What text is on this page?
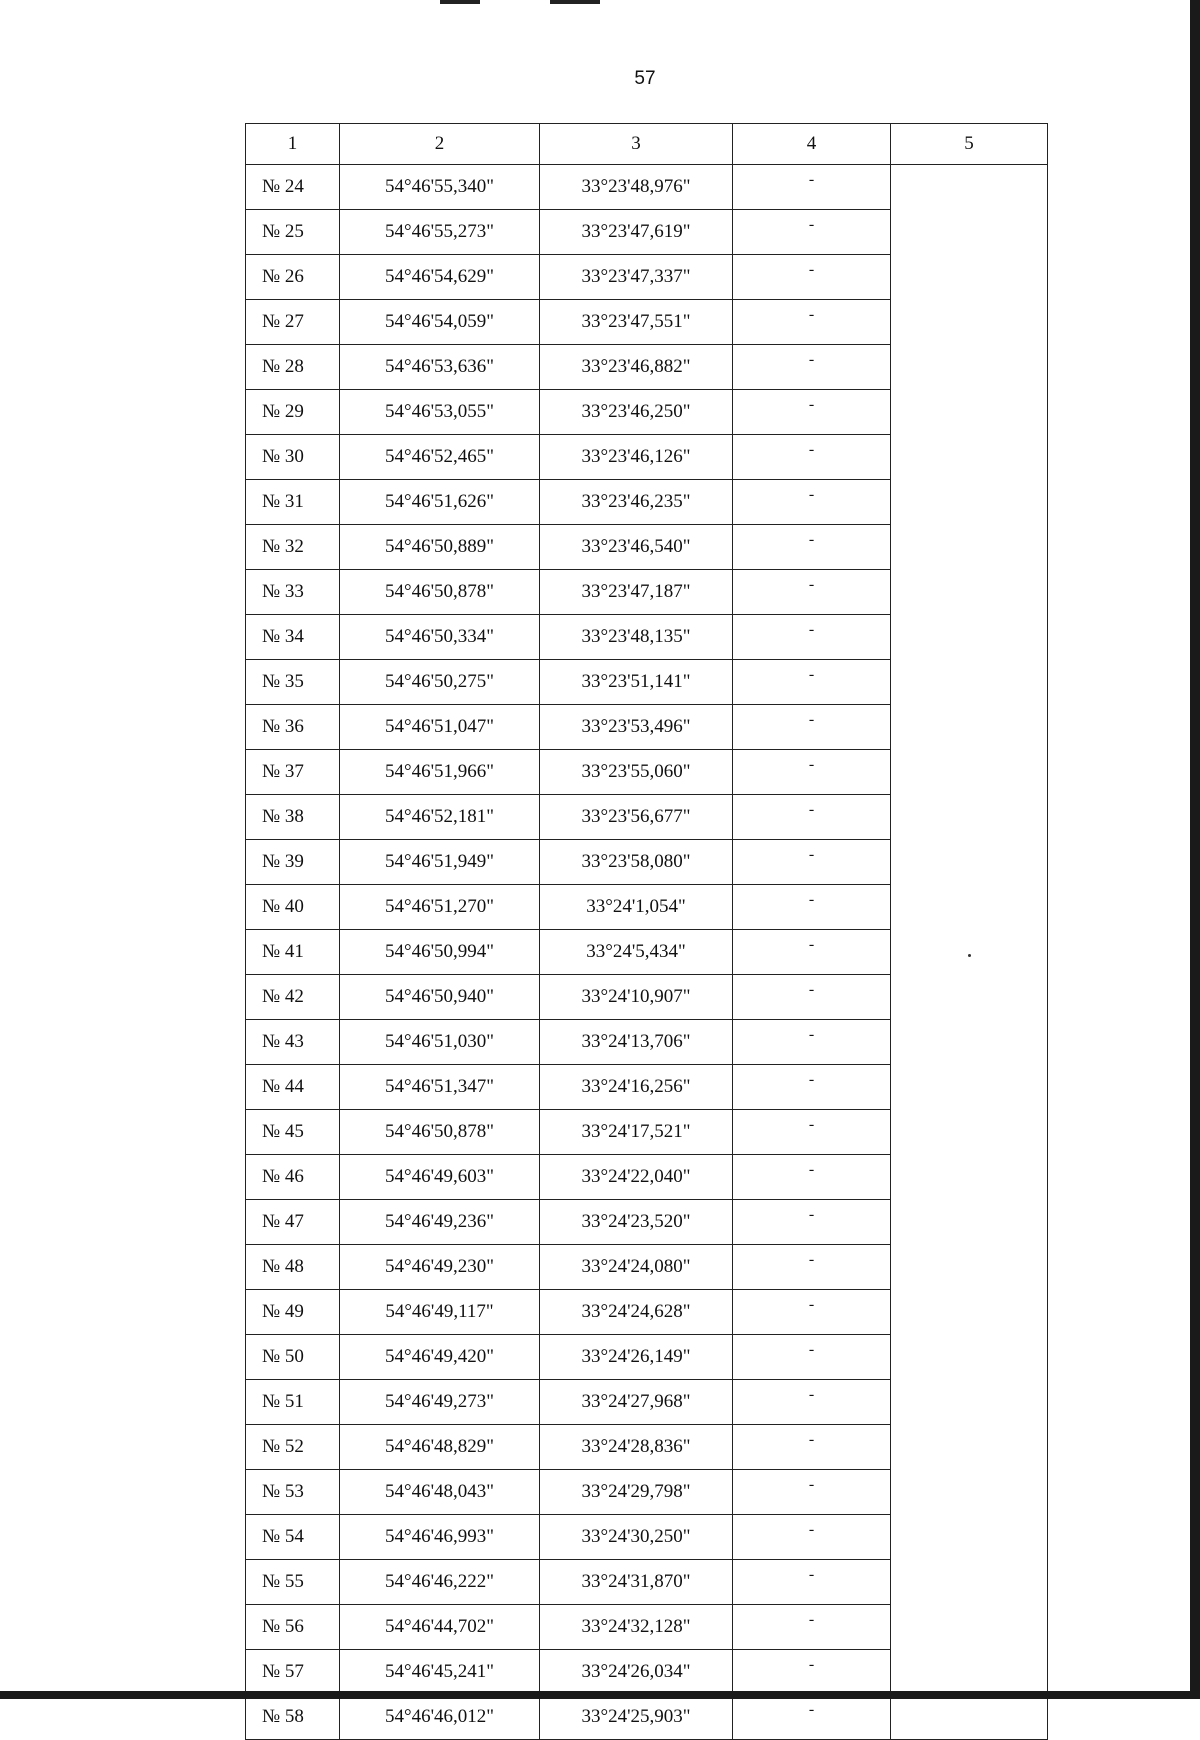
57
1	2	3	4	5
№ 24	54°46'55,340"	33°23'48,976"	-	
№ 25	54°46'55,273"	33°23'47,619"	-	
№ 26	54°46'54,629"	33°23'47,337"	-	
№ 27	54°46'54,059"	33°23'47,551"	-	
№ 28	54°46'53,636"	33°23'46,882"	-	
№ 29	54°46'53,055"	33°23'46,250"	-	
№ 30	54°46'52,465"	33°23'46,126"	-	
№ 31	54°46'51,626"	33°23'46,235"	-	
№ 32	54°46'50,889"	33°23'46,540"	-	
№ 33	54°46'50,878"	33°23'47,187"	-	
№ 34	54°46'50,334"	33°23'48,135"	-	
№ 35	54°46'50,275"	33°23'51,141"	-	
№ 36	54°46'51,047"	33°23'53,496"	-	
№ 37	54°46'51,966"	33°23'55,060"	-	
№ 38	54°46'52,181"	33°23'56,677"	-	
№ 39	54°46'51,949"	33°23'58,080"	-	
№ 40	54°46'51,270"	33°24'1,054"	-	
№ 41	54°46'50,994"	33°24'5,434"	-	
№ 42	54°46'50,940"	33°24'10,907"	-	
№ 43	54°46'51,030"	33°24'13,706"	-	
№ 44	54°46'51,347"	33°24'16,256"	-	
№ 45	54°46'50,878"	33°24'17,521"	-	
№ 46	54°46'49,603"	33°24'22,040"	-	
№ 47	54°46'49,236"	33°24'23,520"	-	
№ 48	54°46'49,230"	33°24'24,080"	-	
№ 49	54°46'49,117"	33°24'24,628"	-	
№ 50	54°46'49,420"	33°24'26,149"	-	
№ 51	54°46'49,273"	33°24'27,968"	-	
№ 52	54°46'48,829"	33°24'28,836"	-	
№ 53	54°46'48,043"	33°24'29,798"	-	
№ 54	54°46'46,993"	33°24'30,250"	-	
№ 55	54°46'46,222"	33°24'31,870"	-	
№ 56	54°46'44,702"	33°24'32,128"	-	
№ 57	54°46'45,241"	33°24'26,034"	-	
№ 58	54°46'46,012"	33°24'25,903"	-	
